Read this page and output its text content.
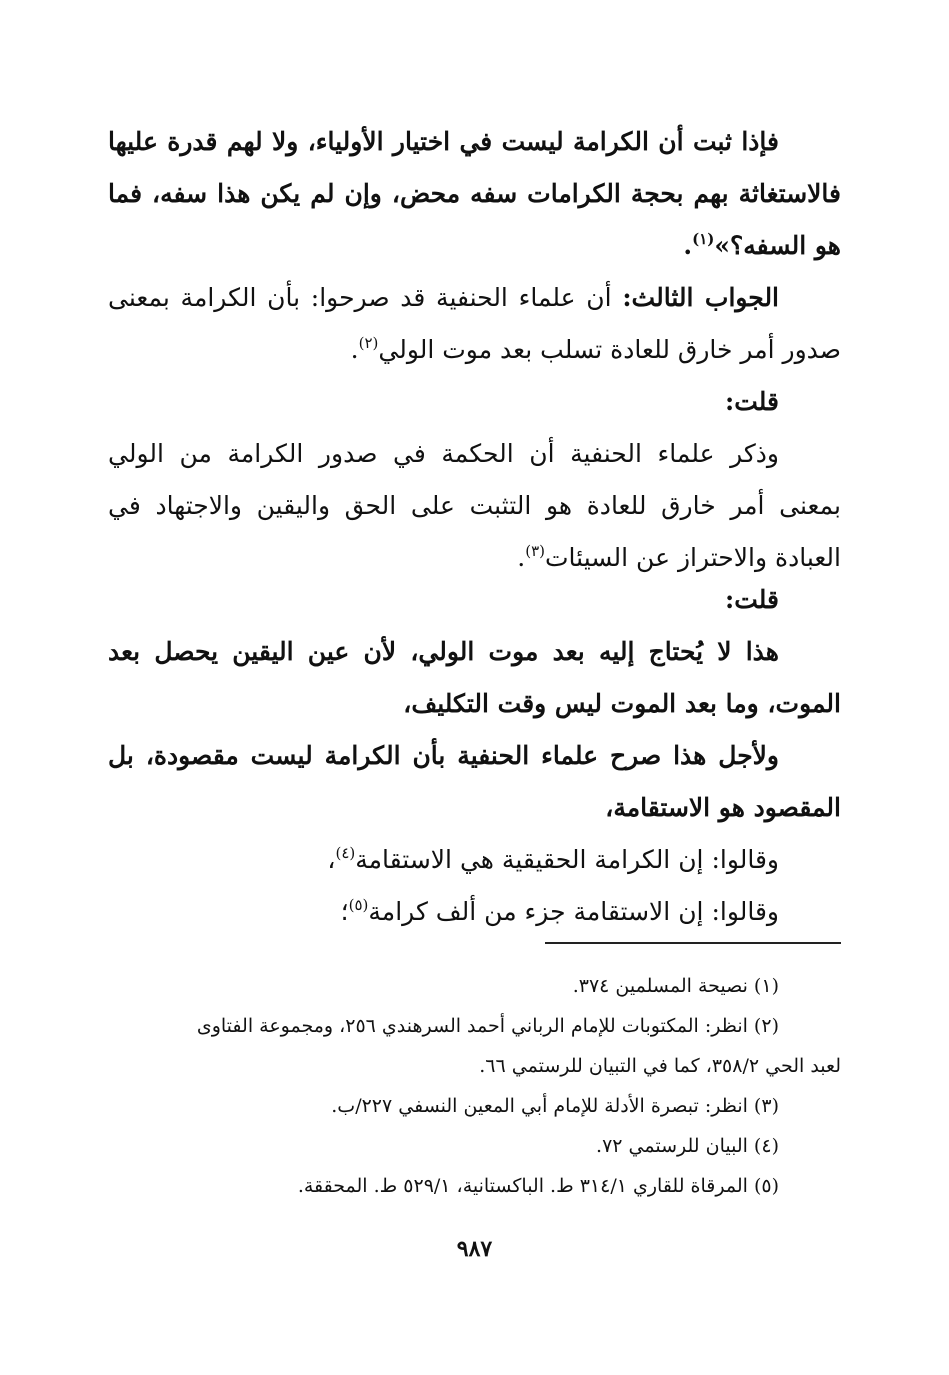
فإذا ثبت أن الكرامة ليست في اختيار الأولياء، ولا لهم قدرة عليها فالاستغاثة بهم بحجة الكرامات سفه محض، وإن لم يكن هذا سفه، فما هو السفه؟»$^{(١)}$.

الجواب الثالث: أن علماء الحنفية قد صرحوا: بأن الكرامة بمعنى صدور أمر خارق للعادة تسلب بعد موت الولي$^{(٢)}$.

قلت:

وذكر علماء الحنفية أن الحكمة في صدور الكرامة من الولي بمعنى أمر خارق للعادة هو التثبت على الحق واليقين والاجتهاد في العبادة والاحتراز عن السيئات$^{(٣)}$.

قلت:

هذا لا يُحتاج إليه بعد موت الولي، لأن عين اليقين يحصل بعد الموت، وما بعد الموت ليس وقت التكليف،

ولأجل هذا صرح علماء الحنفية بأن الكرامة ليست مقصودة، بل المقصود هو الاستقامة،

وقالوا: إن الكرامة الحقيقية هي الاستقامة$^{(٤)}$،

وقالوا: إن الاستقامة جزء من ألف كرامة$^{(٥)}$؛

(١) نصيحة المسلمين ٣٧٤.

(٢) انظر: المكتوبات للإمام الرباني أحمد السرهندي ٢٥٦، ومجموعة الفتاوى

لعبد الحي ٣٥٨/٢، كما في التبيان للرستمي ٦٦.

(٣) انظر: تبصرة الأدلة للإمام أبي المعين النسفي ٢٢٧/ب.

(٤) البيان للرستمي ٧٢.

(٥) المرقاة للقاري ٣١٤/١ ط. الباكستانية، ٥٢٩/١ ط. المحققة.

٩٨٧
